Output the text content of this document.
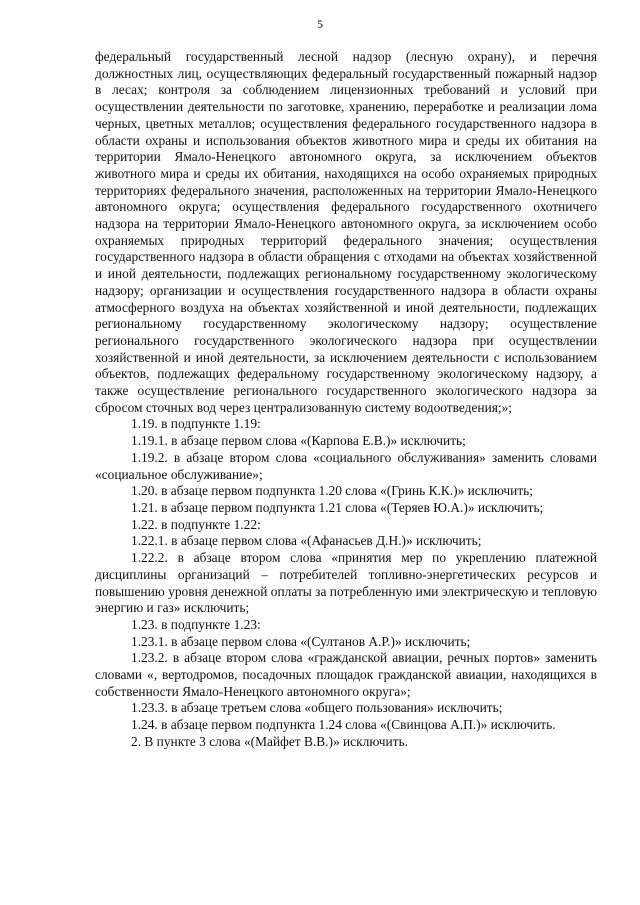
5

федеральный государственный лесной надзор (лесную охрану), и перечня должностных лиц, осуществляющих федеральный государственный пожарный надзор в лесах; контроля за соблюдением лицензионных требований и условий при осуществлении деятельности по заготовке, хранению, переработке и реализации лома черных, цветных металлов; осуществления федерального государственного надзора в области охраны и использования объектов животного мира и среды их обитания на территории Ямало-Ненецкого автономного округа, за исключением объектов животного мира и среды их обитания, находящихся на особо охраняемых природных территориях федерального значения, расположенных на территории Ямало-Ненецкого автономного округа; осуществления федерального государственного охотничего надзора на территории Ямало-Ненецкого автономного округа, за исключением особо охраняемых природных территорий федерального значения; осуществления государственного надзора в области обращения с отходами на объектах хозяйственной и иной деятельности, подлежащих региональному государственному экологическому надзору; организации и осуществления государственного надзора в области охраны атмосферного воздуха на объектах хозяйственной и иной деятельности, подлежащих региональному государственному экологическому надзору; осуществление регионального государственного экологического надзора при осуществлении хозяйственной и иной деятельности, за исключением деятельности с использованием объектов, подлежащих федеральному государственному экологическому надзору, а также осуществление регионального государственного экологического надзора за сбросом сточных вод через централизованную систему водоотведения;»;

1.19. в подпункте 1.19:

1.19.1. в абзаце первом слова «(Карпова Е.В.)» исключить;

1.19.2. в абзаце втором слова «социального обслуживания» заменить словами «социальное обслуживание»;

1.20. в абзаце первом подпункта 1.20 слова «(Гринь К.К.)» исключить;

1.21. в абзаце первом подпункта 1.21 слова «(Теряев Ю.А.)» исключить;

1.22. в подпункте 1.22:

1.22.1. в абзаце первом слова «(Афанасьев Д.Н.)» исключить;

1.22.2. в абзаце втором слова «принятия мер по укреплению платежной дисциплины организаций – потребителей топливно-энергетических ресурсов и повышению уровня денежной оплаты за потребленную ими электрическую и тепловую энергию и газ» исключить;

1.23. в подпункте 1.23:

1.23.1. в абзаце первом слова «(Султанов А.Р.)» исключить;

1.23.2. в абзаце втором слова «гражданской авиации, речных портов» заменить словами «, вертодромов, посадочных площадок гражданской авиации, находящихся в собственности Ямало-Ненецкого автономного округа»;

1.23.3. в абзаце третьем слова «общего пользования» исключить;

1.24. в абзаце первом подпункта 1.24 слова «(Свинцова А.П.)» исключить.

2. В пункте 3 слова «(Майфет В.В.)» исключить.
